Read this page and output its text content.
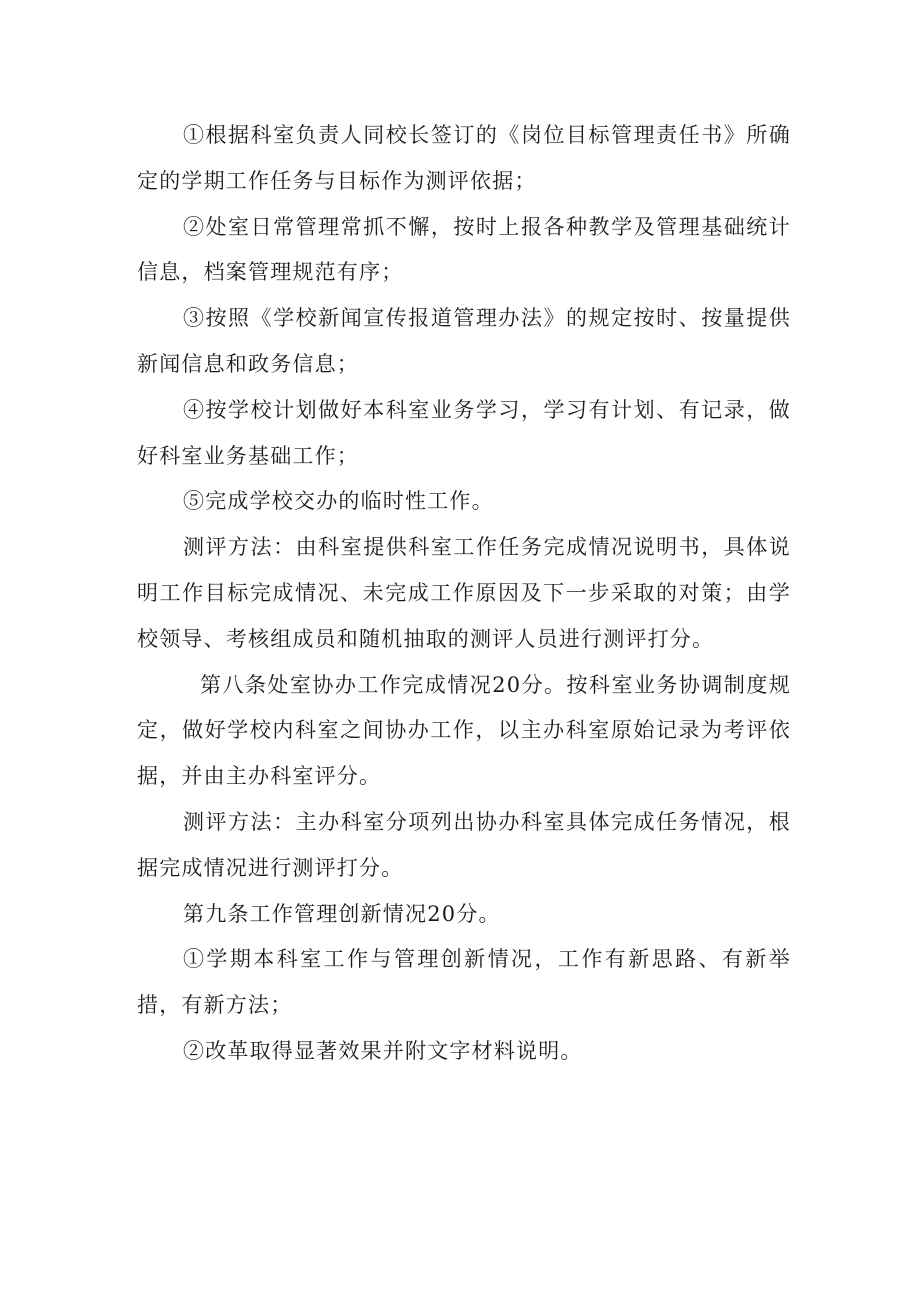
①根据科室负责人同校长签订的《岗位目标管理责任书》所确定的学期工作任务与目标作为测评依据；

②处室日常管理常抓不懈，按时上报各种教学及管理基础统计信息，档案管理规范有序；

③按照《学校新闻宣传报道管理办法》的规定按时、按量提供新闻信息和政务信息；

④按学校计划做好本科室业务学习，学习有计划、有记录，做好科室业务基础工作；

⑤完成学校交办的临时性工作。

测评方法：由科室提供科室工作任务完成情况说明书，具体说明工作目标完成情况、未完成工作原因及下一步采取的对策；由学校领导、考核组成员和随机抽取的测评人员进行测评打分。

第八条处室协办工作完成情况20分。按科室业务协调制度规定，做好学校内科室之间协办工作，以主办科室原始记录为考评依据，并由主办科室评分。

测评方法：主办科室分项列出协办科室具体完成任务情况，根据完成情况进行测评打分。

第九条工作管理创新情况20分。

①学期本科室工作与管理创新情况，工作有新思路、有新举措，有新方法；

②改革取得显著效果并附文字材料说明。
